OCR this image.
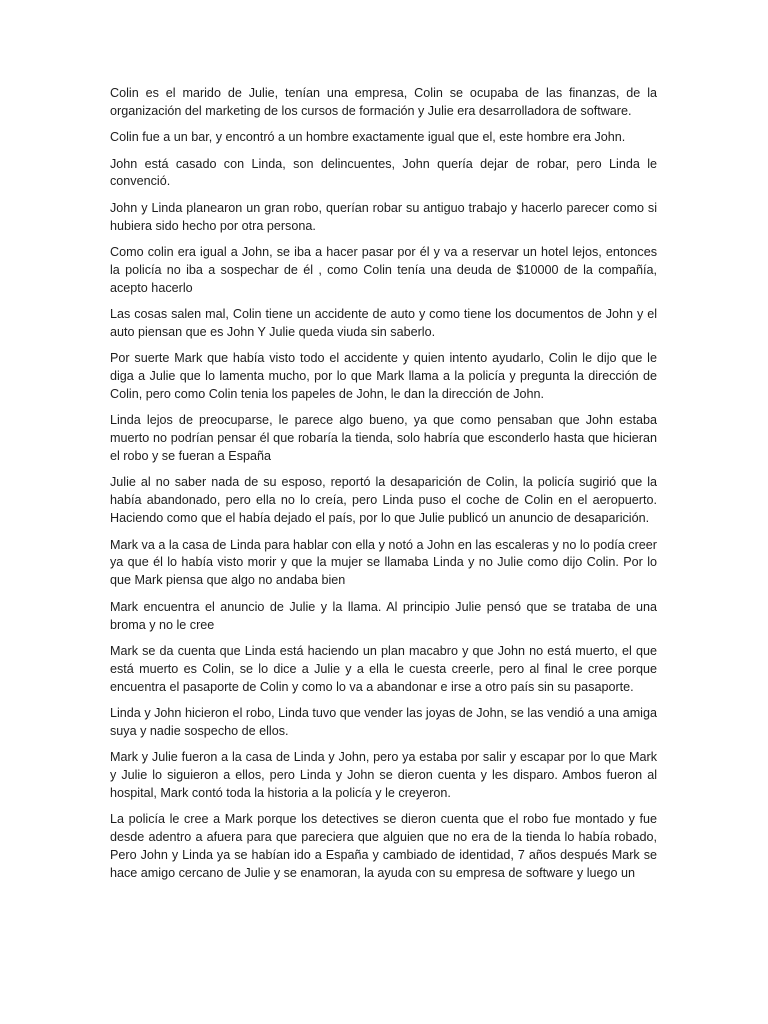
Colin es el marido de Julie, tenían una empresa, Colin se ocupaba de las finanzas, de la organización del marketing de los cursos de formación y Julie era desarrolladora de software.

Colin fue a un bar, y encontró a un hombre exactamente igual que el, este hombre era John.

John está casado con Linda, son delincuentes, John quería dejar de robar, pero Linda le convenció.

John y Linda planearon un gran robo, querían robar su antiguo trabajo y hacerlo parecer como si hubiera sido hecho por otra persona.

Como colin era igual a John, se iba a hacer pasar por él y va a reservar un hotel lejos, entonces la policía no iba a sospechar de él , como Colin tenía una deuda de $10000 de la compañía, acepto hacerlo

Las cosas salen mal, Colin tiene un accidente de auto y como tiene los documentos de John y el auto piensan que es John Y Julie queda viuda sin saberlo.

Por suerte Mark que había visto todo el accidente y quien intento ayudarlo, Colin le dijo que le diga a Julie que lo lamenta mucho, por lo que Mark llama a la policía y pregunta la dirección de Colin, pero como Colin tenia los papeles de John, le dan la dirección de John.

Linda lejos de preocuparse, le parece algo bueno, ya que como pensaban que John estaba muerto no podrían pensar él que robaría la tienda, solo habría que esconderlo hasta que hicieran el robo y se fueran a España

Julie al no saber nada de su esposo, reportó la desaparición de Colin, la policía sugirió que la había abandonado, pero ella no lo creía, pero Linda puso el coche de Colin en el aeropuerto. Haciendo como que el había dejado el país, por lo que Julie publicó un anuncio de desaparición.

Mark va a la casa de Linda para hablar con ella y notó a John en las escaleras y no lo podía creer ya que él lo había visto morir y que la mujer se llamaba Linda y no Julie como dijo Colin. Por lo que Mark piensa que algo no andaba bien

Mark encuentra el anuncio de Julie y la llama. Al principio Julie pensó que se trataba de una broma y no le cree

Mark se da cuenta que Linda está haciendo un plan macabro y que John no está muerto, el que está muerto es Colin, se lo dice a Julie y a ella le cuesta creerle, pero al final le cree porque encuentra el pasaporte de Colin y como lo va a abandonar e irse a otro país sin su pasaporte.

Linda y John hicieron el robo, Linda tuvo que vender las joyas de John, se las vendió a una amiga suya y nadie sospecho de ellos.

Mark y Julie fueron a la casa de Linda y John, pero ya estaba por salir y escapar por lo que Mark y Julie lo siguieron a ellos, pero Linda y John se dieron cuenta y les disparo. Ambos fueron al hospital, Mark contó toda la historia a la policía y le creyeron.

La policía le cree a Mark porque los detectives se dieron cuenta que el robo fue montado y fue desde adentro a afuera para que pareciera que alguien que no era de la tienda lo había robado, Pero John y Linda ya se habían ido a España y cambiado de identidad, 7 años después Mark se hace amigo cercano de Julie y se enamoran, la ayuda con su empresa de software y luego un
